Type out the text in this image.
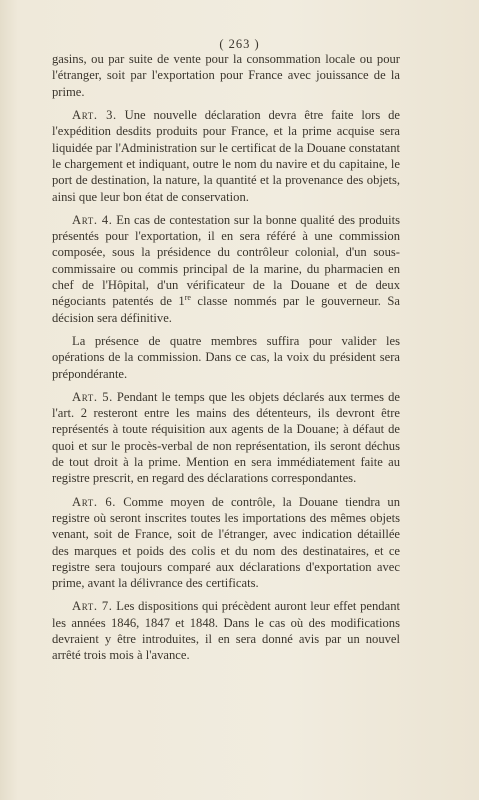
( 263 )

gasins, ou par suite de vente pour la consommation locale ou pour l'étranger, soit par l'exportation pour France avec jouissance de la prime.

Art. 3. Une nouvelle déclaration devra être faite lors de l'expédition desdits produits pour France, et la prime acquise sera liquidée par l'Administration sur le certificat de la Douane constatant le chargement et indiquant, outre le nom du navire et du capitaine, le port de destination, la nature, la quantité et la provenance des objets, ainsi que leur bon état de conservation.

Art. 4. En cas de contestation sur la bonne qualité des produits présentés pour l'exportation, il en sera référé à une commission composée, sous la présidence du contrôleur colonial, d'un sous-commissaire ou commis principal de la marine, du pharmacien en chef de l'Hôpital, d'un vérificateur de la Douane et de deux négociants patentés de 1re classe nommés par le gouverneur. Sa décision sera définitive.

La présence de quatre membres suffira pour valider les opérations de la commission. Dans ce cas, la voix du président sera prépondérante.

Art. 5. Pendant le temps que les objets déclarés aux termes de l'art. 2 resteront entre les mains des détenteurs, ils devront être représentés à toute réquisition aux agents de la Douane; à défaut de quoi et sur le procès-verbal de non représentation, ils seront déchus de tout droit à la prime. Mention en sera immédiatement faite au registre prescrit, en regard des déclarations correspondantes.

Art. 6. Comme moyen de contrôle, la Douane tiendra un registre où seront inscrites toutes les importations des mêmes objets venant, soit de France, soit de l'étranger, avec indication détaillée des marques et poids des colis et du nom des destinataires, et ce registre sera toujours comparé aux déclarations d'exportation avec prime, avant la délivrance des certificats.

Art. 7. Les dispositions qui précèdent auront leur effet pendant les années 1846, 1847 et 1848. Dans le cas où des modifications devraient y être introduites, il en sera donné avis par un nouvel arrêté trois mois à l'avance.
